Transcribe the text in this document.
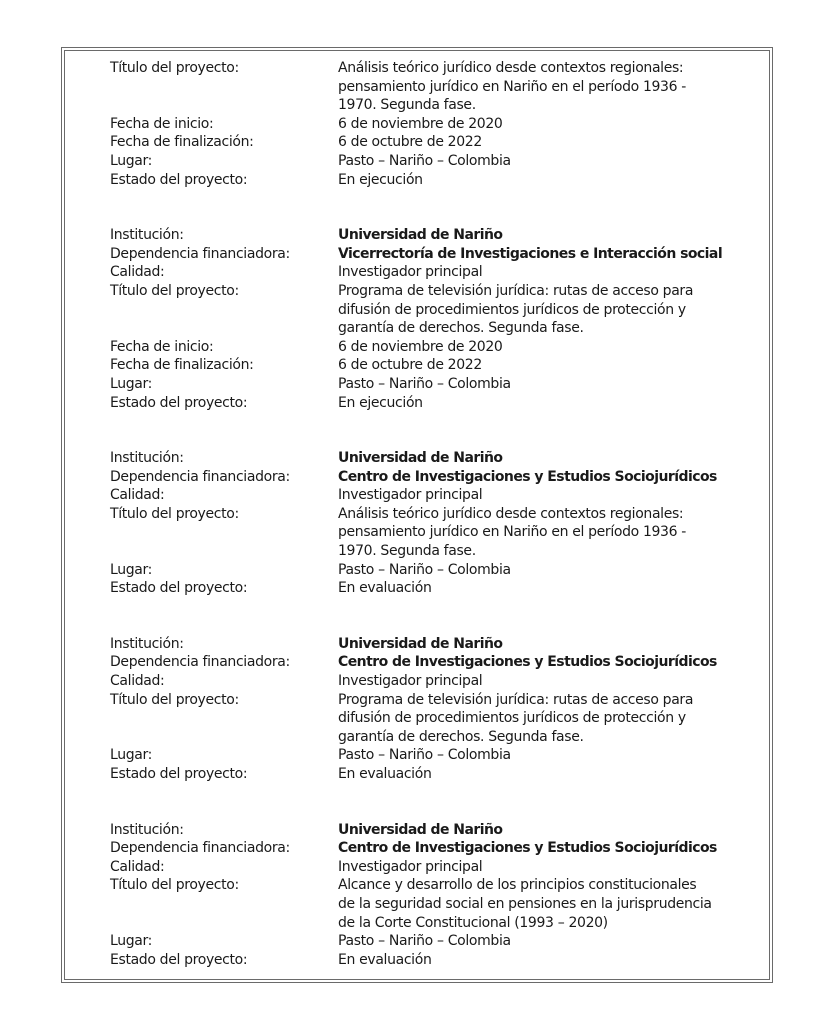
Título del proyecto:	Análisis teórico jurídico desde contextos regionales:
pensamiento jurídico en Nariño en el período 1936 -
1970. Segunda fase.
Fecha de inicio:	6 de noviembre de 2020
Fecha de finalización:	6 de octubre de 2022
Lugar:	Pasto – Nariño – Colombia
Estado del proyecto:	En ejecución
Institución:	Universidad de Nariño
Dependencia financiadora:	Vicerrectoría de Investigaciones e Interacción social
Calidad:	Investigador principal
Título del proyecto:	Programa de televisión jurídica: rutas de acceso para
difusión de procedimientos jurídicos de protección y
garantía de derechos. Segunda fase.
Fecha de inicio:	6 de noviembre de 2020
Fecha de finalización:	6 de octubre de 2022
Lugar:	Pasto – Nariño – Colombia
Estado del proyecto:	En ejecución
Institución:	Universidad de Nariño
Dependencia financiadora:	Centro de Investigaciones y Estudios Sociojurídicos
Calidad:	Investigador principal
Título del proyecto:	Análisis teórico jurídico desde contextos regionales:
pensamiento jurídico en Nariño en el período 1936 -
1970. Segunda fase.
Lugar:	Pasto – Nariño – Colombia
Estado del proyecto:	En evaluación
Institución:	Universidad de Nariño
Dependencia financiadora:	Centro de Investigaciones y Estudios Sociojurídicos
Calidad:	Investigador principal
Título del proyecto:	Programa de televisión jurídica: rutas de acceso para
difusión de procedimientos jurídicos de protección y
garantía de derechos. Segunda fase.
Lugar:	Pasto – Nariño – Colombia
Estado del proyecto:	En evaluación
Institución:	Universidad de Nariño
Dependencia financiadora:	Centro de Investigaciones y Estudios Sociojurídicos
Calidad:	Investigador principal
Título del proyecto:	Alcance y desarrollo de los principios constitucionales
de la seguridad social en pensiones en la jurisprudencia
de la Corte Constitucional (1993 – 2020)
Lugar:	Pasto – Nariño – Colombia
Estado del proyecto:	En evaluación
